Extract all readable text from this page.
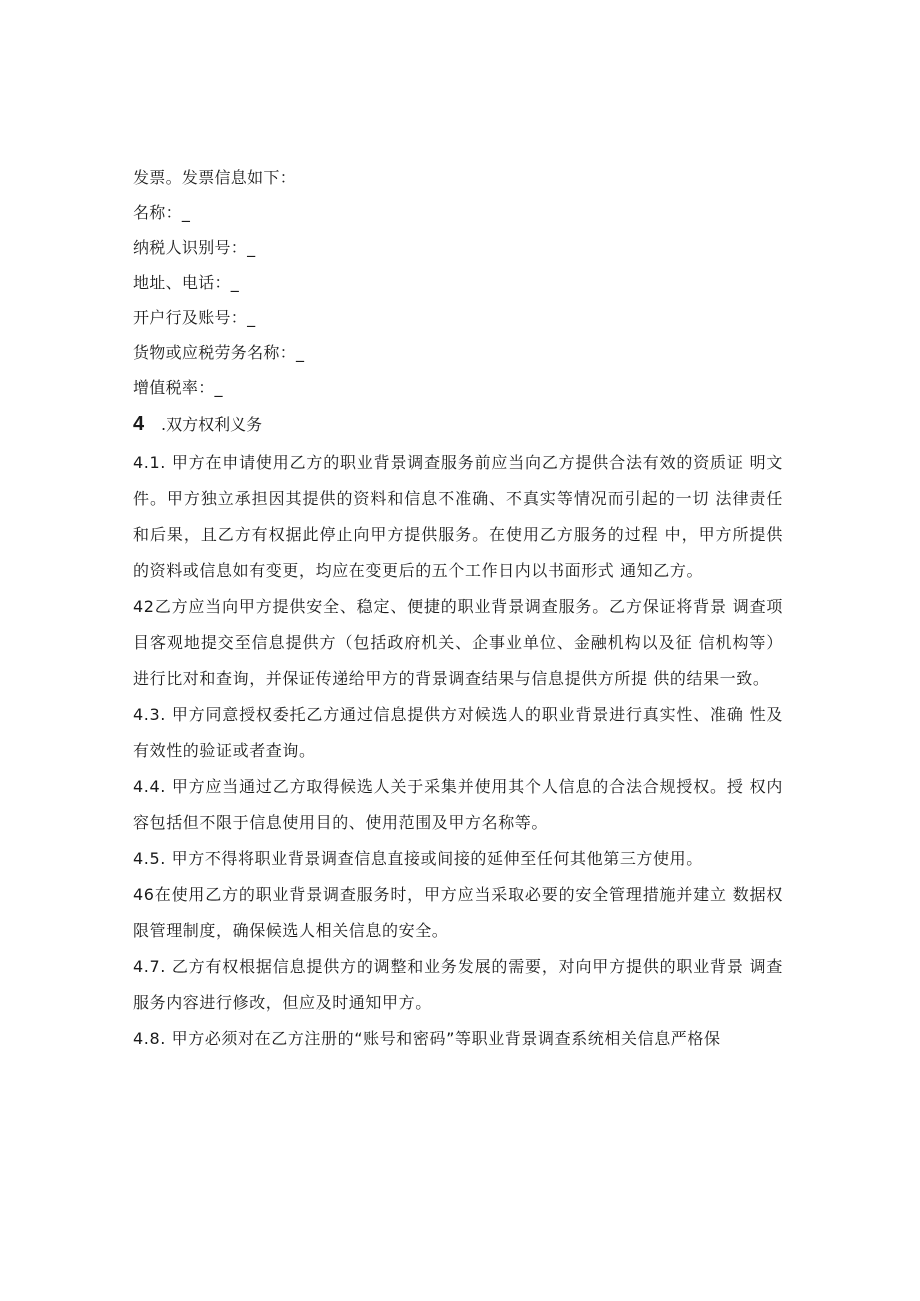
发票。发票信息如下：
名称：_
纳税人识别号：_
地址、电话：_
开户行及账号：_
货物或应税劳务名称：_
增值税率：_
4 .双方权利义务

4.1. 甲方在申请使用乙方的职业背景调查服务前应当向乙方提供合法有效的资质证 明文件。甲方独立承担因其提供的资料和信息不准确、不真实等情况而引起的一切 法律责任和后果，且乙方有权据此停止向甲方提供服务。在使用乙方服务的过程 中，甲方所提供的资料或信息如有变更，均应在变更后的五个工作日内以书面形式 通知乙方。

42乙方应当向甲方提供安全、稳定、便捷的职业背景调查服务。乙方保证将背景 调查项目客观地提交至信息提供方（包括政府机关、企事业单位、金融机构以及征 信机构等）进行比对和查询，并保证传递给甲方的背景调查结果与信息提供方所提 供的结果一致。

4.3. 甲方同意授权委托乙方通过信息提供方对候选人的职业背景进行真实性、准确 性及有效性的验证或者查询。

4.4. 甲方应当通过乙方取得候选人关于采集并使用其个人信息的合法合规授权。授 权内容包括但不限于信息使用目的、使用范围及甲方名称等。

4.5. 甲方不得将职业背景调查信息直接或间接的延伸至任何其他第三方使用。

46在使用乙方的职业背景调查服务时，甲方应当采取必要的安全管理措施并建立 数据权限管理制度，确保候选人相关信息的安全。

4.7. 乙方有权根据信息提供方的调整和业务发展的需要，对向甲方提供的职业背景 调查服务内容进行修改，但应及时通知甲方。

4.8. 甲方必须对在乙方注册的“账号和密码”等职业背景调查系统相关信息严格保
